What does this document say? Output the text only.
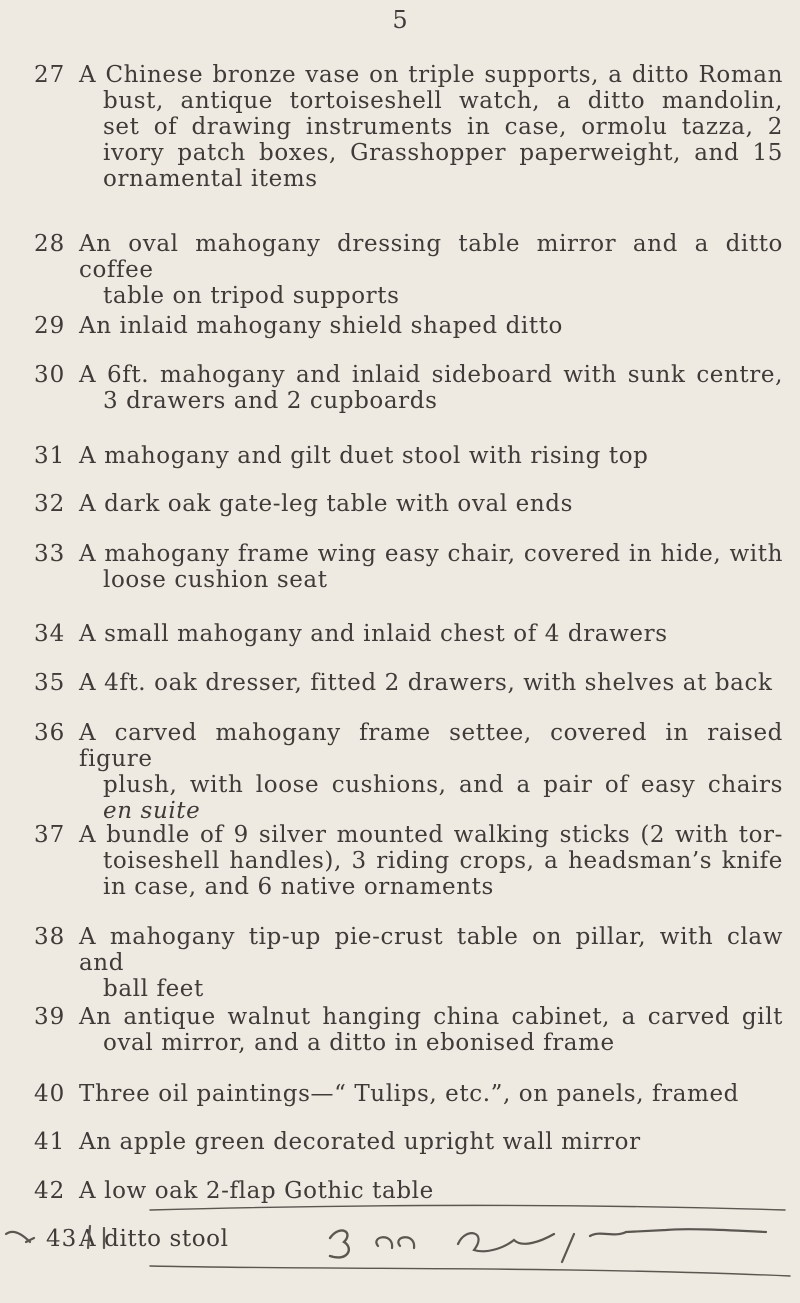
5
27 A Chinese bronze vase on triple supports, a ditto Roman
bust, antique tortoiseshell watch, a ditto mandolin,
set of drawing instruments in case, ormolu tazza, 2
ivory patch boxes, Grasshopper paperweight, and 15
ornamental items
28 An oval mahogany dressing table mirror and a ditto coffee
table on tripod supports
29 An inlaid mahogany shield shaped ditto
30 A 6ft. mahogany and inlaid sideboard with sunk centre,
3 drawers and 2 cupboards
31 A mahogany and gilt duet stool with rising top
32 A dark oak gate-leg table with oval ends
33 A mahogany frame wing easy chair, covered in hide, with
loose cushion seat
34 A small mahogany and inlaid chest of 4 drawers
35 A 4ft. oak dresser, fitted 2 drawers, with shelves at back
36 A carved mahogany frame settee, covered in raised figure
plush, with loose cushions, and a pair of easy chairs
en suite
37 A bundle of 9 silver mounted walking sticks (2 with tor-
toiseshell handles), 3 riding crops, a headsman’s knife
in case, and 6 native ornaments
38 A mahogany tip-up pie-crust table on pillar, with claw and
ball feet
39 An antique walnut hanging china cabinet, a carved gilt
oval mirror, and a ditto in ebonised frame
40 Three oil paintings—“ Tulips, etc.”, on panels, framed
41 An apple green decorated upright wall mirror
42 A low oak 2-flap Gothic table
43 A ditto stool
